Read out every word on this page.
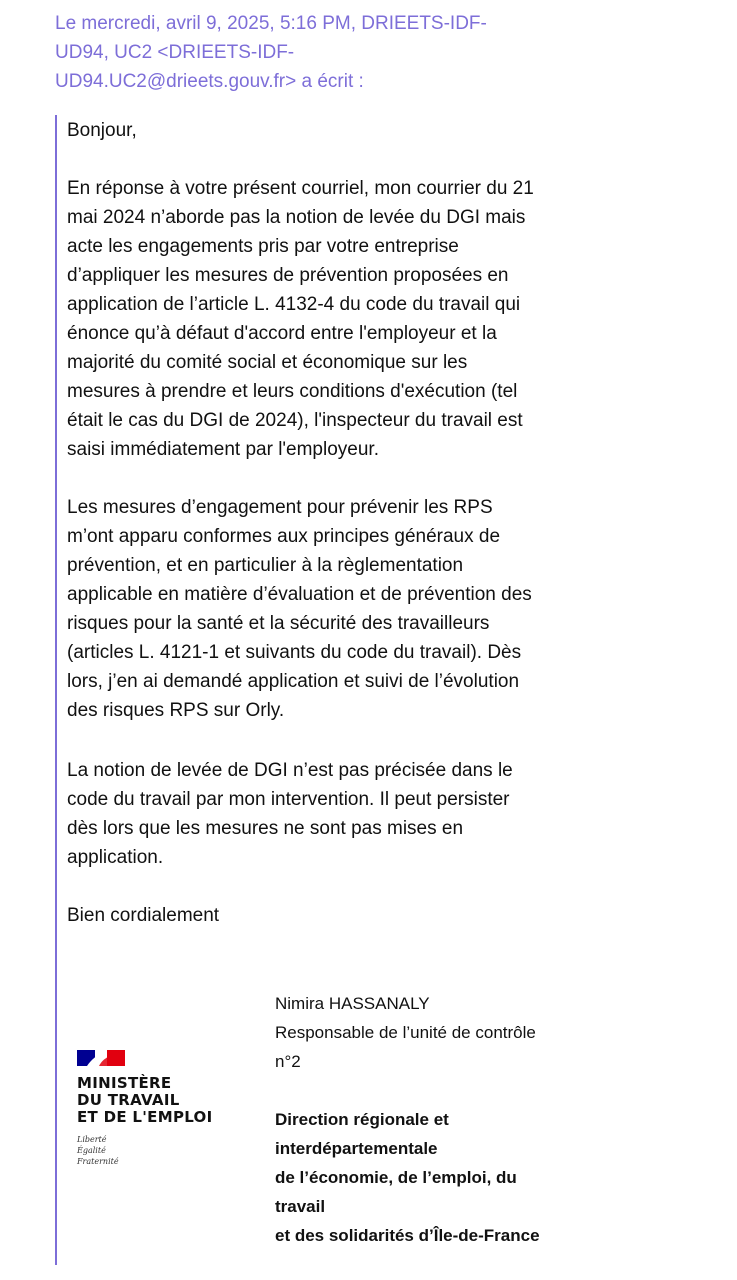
Le mercredi, avril 9, 2025, 5:16 PM, DRIEETS-IDF-
UD94, UC2 <DRIEETS-IDF-
UD94.UC2@drieets.gouv.fr> a écrit :
Bonjour,
En réponse à votre présent courriel, mon courrier du 21
mai 2024 n’aborde pas la notion de levée du DGI mais
acte les engagements pris par votre entreprise
d’appliquer les mesures de prévention proposées en
application de l’article L. 4132-4 du code du travail qui
énonce qu’à défaut d'accord entre l'employeur et la
majorité du comité social et économique sur les
mesures à prendre et leurs conditions d'exécution (tel
était le cas du DGI de 2024), l'inspecteur du travail est
saisi immédiatement par l'employeur.
Les mesures d’engagement pour prévenir les RPS
m’ont apparu conformes aux principes généraux de
prévention, et en particulier à la règlementation
applicable en matière d’évaluation et de prévention des
risques pour la santé et la sécurité des travailleurs
(articles L. 4121-1 et suivants du code du travail). Dès
lors, j’en ai demandé application et suivi de l’évolution
des risques RPS sur Orly.
La notion de levée de DGI n’est pas précisée dans le
code du travail par mon intervention. Il peut persister
dès lors que les mesures ne sont pas mises en
application.
Bien cordialement
MINISTÈRE
DU TRAVAIL
ET DE L'EMPLOI
Liberté
Égalité
Fraternité
Nimira HASSANALY
Responsable de l’unité de contrôle
n°2
Direction régionale et
interdépartementale
de l’économie, de l’emploi, du
travail
et des solidarités d’Île-de-France
